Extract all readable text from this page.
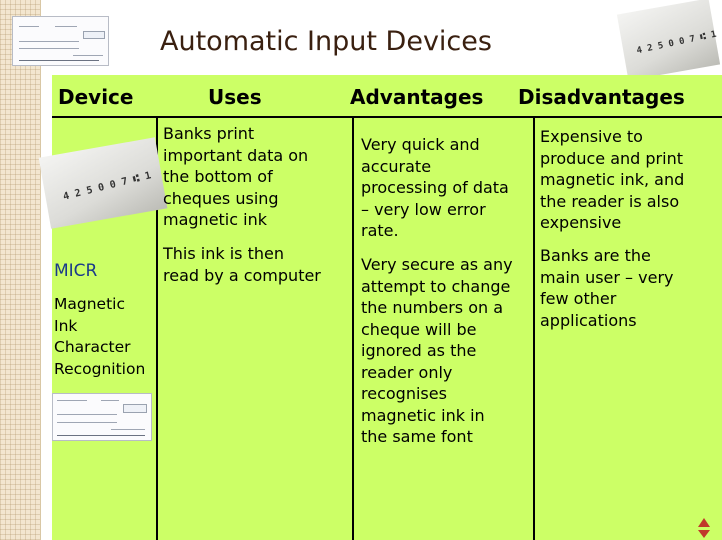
4 2 5 0 0 7 ⑆ 1
Automatic Input Devices
Device	Uses	Advantages Disadvantages
4 2 5 0 0 7 ⑆ 1
MICR
Magnetic
Ink
Character
Recognition
Banks print
important data on
the bottom of
cheques using
magnetic ink
This ink is then
read by a computer
Very quick and
accurate
processing of data
– very low error
rate.
Very secure as any
attempt to change
the numbers on a
cheque will be
ignored as the
reader only
recognises
magnetic ink in
the same font
Expensive to
produce and print
magnetic ink, and
the reader is also
expensive
Banks are the
main user – very
few other
applications
